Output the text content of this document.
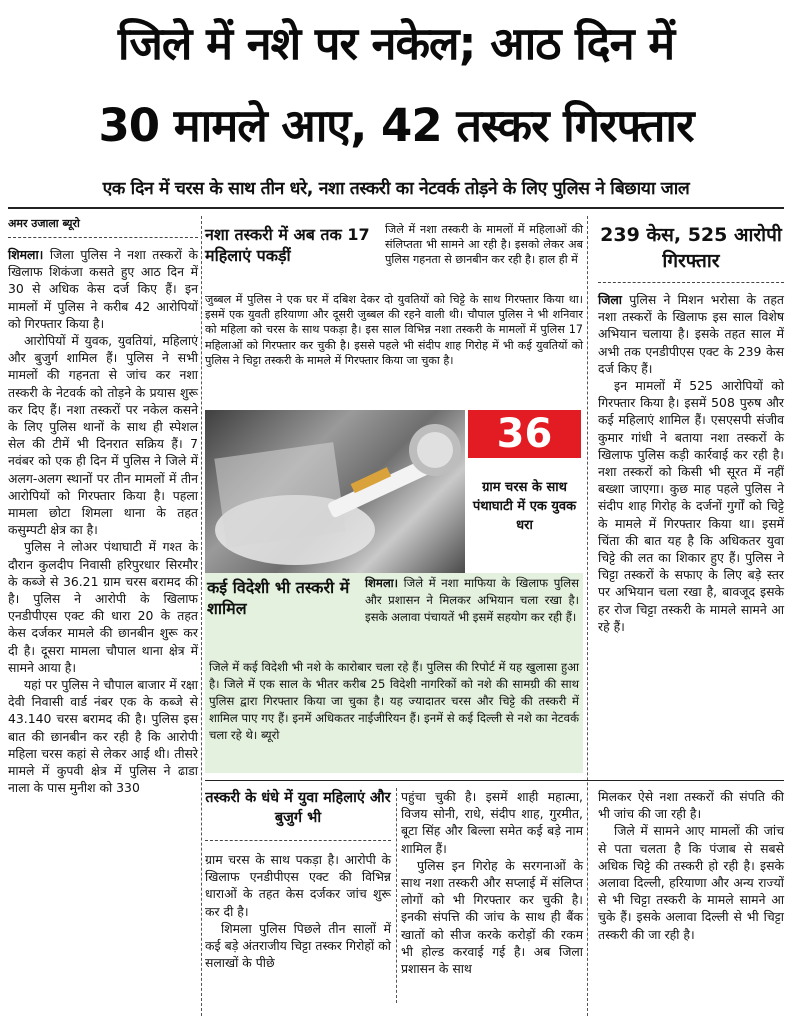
जिले में नशे पर नकेल; आठ दिन में
30 मामले आए, 42 तस्कर गिरफ्तार
एक दिन में चरस के साथ तीन धरे, नशा तस्करी का नेटवर्क तोड़ने के लिए पुलिस ने बिछाया जाल
अमर उजाला ब्यूरो

शिमला। जिला पुलिस ने नशा तस्करों के खिलाफ शिकंजा कसते हुए आठ दिन में 30 से अधिक केस दर्ज किए हैं। इन मामलों में पुलिस ने करीब 42 आरोपियों को गिरफ्तार किया है।

आरोपियों में युवक, युवतियां, महिलाएं और बुजुर्ग शामिल हैं। पुलिस ने सभी मामलों की गहनता से जांच कर नशा तस्करी के नेटवर्क को तोड़ने के प्रयास शुरू कर दिए हैं। नशा तस्करों पर नकेल कसने के लिए पुलिस थानों के साथ ही स्पेशल सेल की टीमें भी दिनरात सक्रिय हैं। 7 नवंबर को एक ही दिन में पुलिस ने जिले में अलग-अलग स्थानों पर तीन मामलों में तीन आरोपियों को गिरफ्तार किया है। पहला मामला छोटा शिमला थाना के तहत कसुम्पटी क्षेत्र का है।

पुलिस ने लोअर पंथाघाटी में गश्त के दौरान कुलदीप निवासी हरिपुरधार सिरमौर के कब्जे से 36.21 ग्राम चरस बरामद की है। पुलिस ने आरोपी के खिलाफ एनडीपीएस एक्ट की धारा 20 के तहत केस दर्जकर मामले की छानबीन शुरू कर दी है। दूसरा मामला चौपाल थाना क्षेत्र में सामने आया है।

यहां पर पुलिस ने चौपाल बाजार में रक्षा देवी निवासी वार्ड नंबर एक के कब्जे से 43.140 चरस बरामद की है। पुलिस इस बात की छानबीन कर रही है कि आरोपी महिला चरस कहां से लेकर आई थी। तीसरे मामले में कुपवी क्षेत्र में पुलिस ने ढाडा नाला के पास मुनीश को 330

नशा तस्करी में अब तक 17 महिलाएं पकड़ीं
जिले में नशा तस्करी के मामलों में महिलाओं की संलिप्तता भी सामने आ रही है। इसको लेकर अब पुलिस गहनता से छानबीन कर रही है। हाल ही में
जुब्बल में पुलिस ने एक घर में दबिश देकर दो युवतियों को चिट्टे के साथ गिरफ्तार किया था। इसमें एक युवती हरियाणा और दूसरी जुब्बल की रहने वाली थी। चौपाल पुलिस ने भी शनिवार को महिला को चरस के साथ पकड़ा है। इस साल विभिन्न नशा तस्करी के मामलों में पुलिस 17 महिलाओं को गिरफ्तार कर चुकी है। इससे पहले भी संदीप शाह गिरोह में भी कई युवतियों को पुलिस ने चिट्टा तस्करी के मामले में गिरफ्तार किया जा चुका है।
36
ग्राम चरस के साथ पंथाघाटी में एक युवक धरा
कई विदेशी भी तस्करी में शामिल
शिमला। जिले में नशा माफिया के खिलाफ पुलिस और प्रशासन ने मिलकर अभियान चला रखा है। इसके अलावा पंचायतें भी इसमें सहयोग कर रही हैं।
जिले में कई विदेशी भी नशे के कारोबार चला रहे हैं। पुलिस की रिपोर्ट में यह खुलासा हुआ है। जिले में एक साल के भीतर करीब 25 विदेशी नागरिकों को नशे की सामग्री की साथ पुलिस द्वारा गिरफ्तार किया जा चुका है। यह ज्यादातर चरस और चिट्टे की तस्करी में शामिल पाए गए हैं। इनमें अधिकतर नाईजीरियन हैं। इनमें से कई दिल्ली से नशे का नेटवर्क चला रहे थे। ब्यूरो
239 केस, 525 आरोपी गिरफ्तार

जिला पुलिस ने मिशन भरोसा के तहत नशा तस्करों के खिलाफ इस साल विशेष अभियान चलाया है। इसके तहत साल में अभी तक एनडीपीएस एक्ट के 239 केस दर्ज किए हैं।

इन मामलों में 525 आरोपियों को गिरफ्तार किया है। इसमें 508 पुरुष और कई महिलाएं शामिल हैं। एसएसपी संजीव कुमार गांधी ने बताया नशा तस्करों के खिलाफ पुलिस कड़ी कार्रवाई कर रही है। नशा तस्करों को किसी भी सूरत में नहीं बख्शा जाएगा। कुछ माह पहले पुलिस ने संदीप शाह गिरोह के दर्जनों गुर्गों को चिट्टे के मामले में गिरफ्तार किया था। इसमें चिंता की बात यह है कि अधिकतर युवा चिट्टे की लत का शिकार हुए हैं। पुलिस ने चिट्टा तस्करों के सफाए के लिए बड़े स्तर पर अभियान चला रखा है, बावजूद इसके हर रोज चिट्टा तस्करी के मामले सामने आ रहे हैं।

तस्करी के धंधे में युवा महिलाएं और बुजुर्ग भी

ग्राम चरस के साथ पकड़ा है। आरोपी के खिलाफ एनडीपीएस एक्ट की विभिन्न धाराओं के तहत केस दर्जकर जांच शुरू कर दी है।

शिमला पुलिस पिछले तीन सालों में कई बड़े अंतराजीय चिट्टा तस्कर गिरोहों को सलाखों के पीछे

पहुंचा चुकी है। इसमें शाही महात्मा, विजय सोनी, राधे, संदीप शाह, गुरमीत, बूटा सिंह और बिल्ला समेत कई बड़े नाम शामिल हैं।

पुलिस इन गिरोह के सरगनाओं के साथ नशा तस्करी और सप्लाई में संलिप्त लोगों को भी गिरफ्तार कर चुकी है। इनकी संपत्ति की जांच के साथ ही बैंक खातों को सीज करके करोड़ों की रकम भी होल्ड करवाई गई है। अब जिला प्रशासन के साथ

मिलकर ऐसे नशा तस्करों की संपति की भी जांच की जा रही है।

जिले में सामने आए मामलों की जांच से पता चलता है कि पंजाब से सबसे अधिक चिट्टे की तस्करी हो रही है। इसके अलावा दिल्ली, हरियाणा और अन्य राज्यों से भी चिट्टा तस्करी के मामले सामने आ चुके हैं। इसके अलावा दिल्ली से भी चिट्टा तस्करी की जा रही है।
